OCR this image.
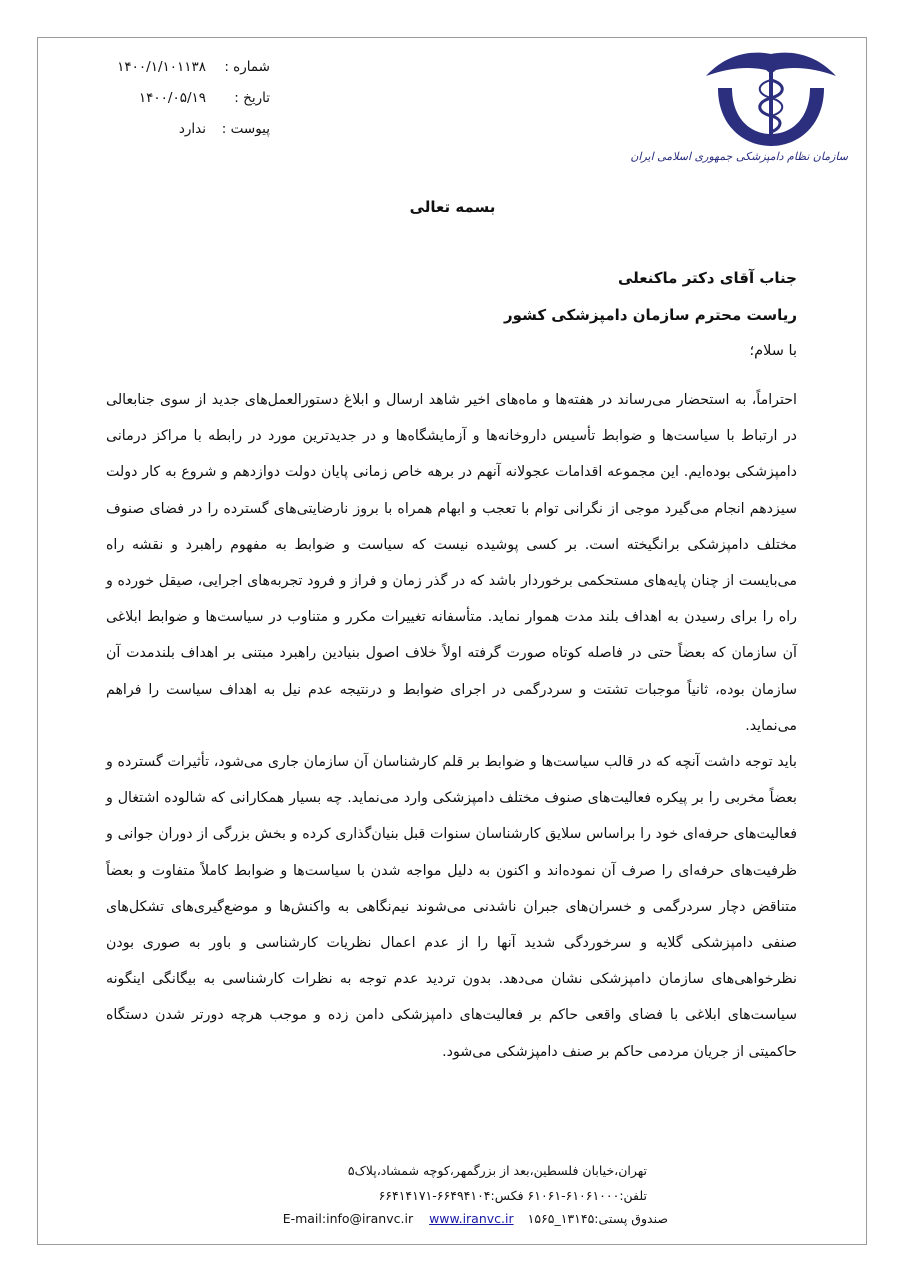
شماره :
۱۴۰۰/۱/۱۰۱۱۳۸
تاریخ :
۱۴۰۰/۰۵/۱۹
پیوست :
ندارد
سازمان نظام دامپزشکی جمهوری اسلامی ایران
بسمه تعالی
جناب آقای دکتر ماکنعلی
ریاست محترم سازمان دامپزشکی کشور
با سلام؛
احتراماً، به استحضار می‌رساند در هفته‌ها و ماه‌های اخیر شاهد ارسال و ابلاغ دستورالعمل‌های جدید از سوی جنابعالی در ارتباط با سیاست‌ها و ضوابط تأسیس داروخانه‌ها و آزمایشگاه‌ها و در جدیدترین مورد در رابطه با مراکز درمانی دامپزشکی بوده‌ایم. این مجموعه اقدامات عجولانه آنهم در برهه خاص زمانی پایان دولت دوازدهم و شروع به کار دولت سیزدهم انجام می‌گیرد موجی از نگرانی توام با تعجب و ابهام همراه با بروز نارضایتی‌های گسترده را در فضای صنوف مختلف دامپزشکی برانگیخته است. بر کسی پوشیده نیست که سیاست و ضوابط به مفهوم راهبرد و نقشه راه می‌بایست از چنان پایه‌های مستحکمی برخوردار باشد که در گذر زمان و فراز و فرود تجربه‌های اجرایی، صیقل خورده و راه را برای رسیدن به اهداف بلند مدت هموار نماید. متأسفانه تغییرات مکرر و متناوب در سیاست‌ها و ضوابط ابلاغی آن سازمان که بعضاً حتی در فاصله کوتاه صورت گرفته اولاً خلاف اصول بنیادین راهبرد مبتنی بر اهداف بلندمدت آن سازمان بوده، ثانیاً موجبات تشتت و سردرگمی در اجرای ضوابط و درنتیجه عدم نیل به اهداف سیاست را فراهم می‌نماید.
باید توجه داشت آنچه که در قالب سیاست‌ها و ضوابط بر قلم کارشناسان آن سازمان جاری می‌شود، تأثیرات گسترده و بعضاً مخربی را بر پیکره فعالیت‌های صنوف مختلف دامپزشکی وارد می‌نماید. چه بسیار همکارانی که شالوده اشتغال و فعالیت‌های حرفه‌ای خود را براساس سلایق کارشناسان سنوات قبل بنیان‌گذاری کرده و بخش بزرگی از دوران جوانی و ظرفیت‌های حرفه‌ای را صرف آن نموده‌اند و اکنون به دلیل مواجه شدن با سیاست‌ها و ضوابط کاملاً متفاوت و بعضاً متناقض دچار سردرگمی و خسران‌های جبران ناشدنی می‌شوند نیم‌نگاهی به واکنش‌ها و موضع‌گیری‌های تشکل‌های صنفی دامپزشکی گلایه و سرخوردگی شدید آنها را از عدم اعمال نظریات کارشناسی و باور به صوری بودن نظرخواهی‌های سازمان دامپزشکی نشان می‌دهد. بدون تردید عدم توجه به نظرات کارشناسی به بیگانگی اینگونه سیاست‌های ابلاغی با فضای واقعی حاکم بر فعالیت‌های دامپزشکی دامن زده و موجب هرچه دورتر شدن دستگاه حاکمیتی از جریان مردمی حاکم بر صنف دامپزشکی می‌شود.
تهران،خیابان فلسطین،بعد از بزرگمهر،کوچه شمشاد،پلاک۵
تلفن:۶۱۰۶۱۰۰۰-۶۱۰۶۱ فکس:۶۶۴۹۴۱۰۴-۶۶۴۱۴۱۷۱
صندوق پستی:۱۳۱۴۵_۱۵۶۵ E-mail:info@iranvc.ir www.iranvc.ir
